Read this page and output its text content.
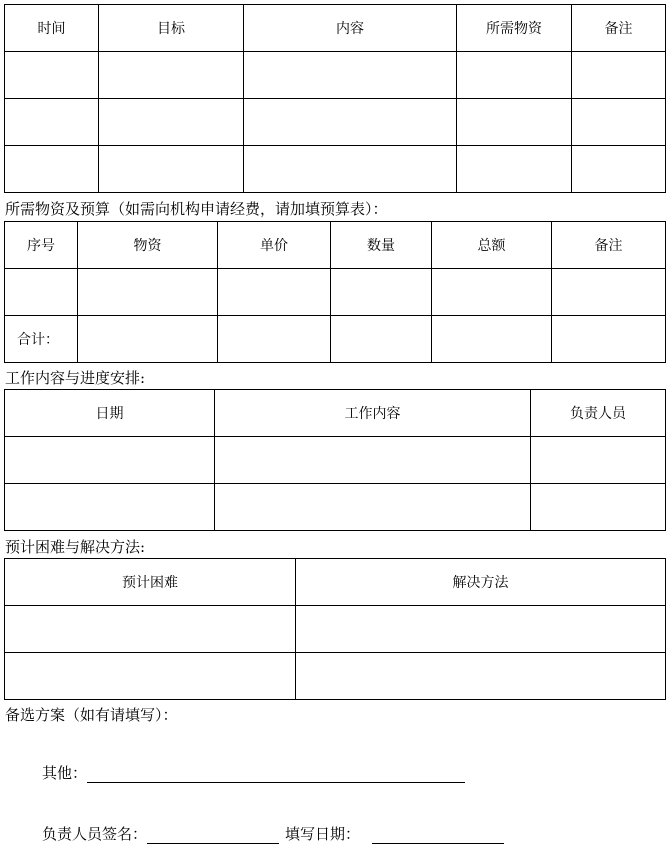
时间	目标	内容	所需物资	备注

所需物资及预算（如需向机构申请经费，请加填预算表）：
序号	物资	单价	数量	总额	备注

合计：					
工作内容与进度安排:
日期	工作内容	负责人员

预计困难与解决方法:
预计困难	解决方法

备选方案（如有请填写）：
其他：
负责人员签名：	填写日期：
